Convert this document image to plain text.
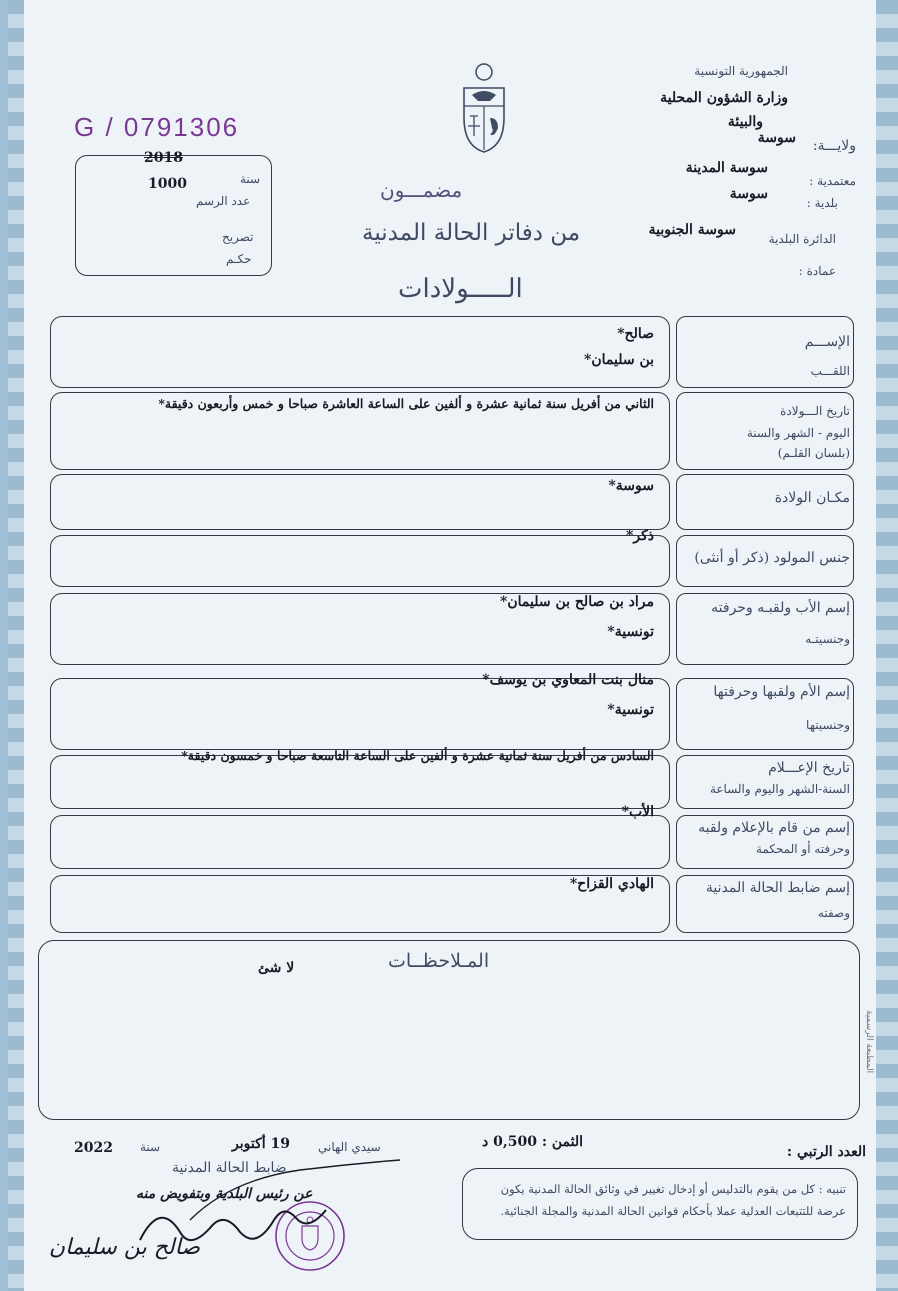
الجمهورية التونسية
وزارة الشؤون المحلية
والبيئة
ولايـــة:
سوسة
معتمدية :
سوسة المدينة
بلدية :
سوسة
الدائرة البلدية
سوسة الجنوبية
عمادة :
مضمـــون
من دفاتر الحالة المدنية
الـــــولادات
G / 0791306
سنة
2018
عدد الرسم
1000
تصريح
حكـم
الإســـم
اللقـــب
صالح*
بن سليمان*
تاريخ الـــولادة
اليوم - الشهر والسنة
(بلسان القلـم)
الثاني من أفريل سنة ثمانية عشرة و ألفين على الساعة العاشرة صباحا و خمس وأربعون دقيقة*
مكـان الولادة
سوسة*
جنس المولود (ذكر أو أنثى)
ذكر*
إسم الأب ولقبـه وحرفته
وجنسيتـه
مراد بن صالح بن سليمان*
تونسية*
إسم الأم ولقبها وحرفتها
وجنسيتها
منال بنت المعاوي بن يوسف*
تونسية*
تاريخ الإعـــلام
السنة-الشهر واليوم والساعة
السادس من أفريل سنة ثمانية عشرة و ألفين على الساعة التاسعة صباحا و خمسون دقيقة*
إسم من قام بالإعلام ولقبه
وحرفته أو المحكمة
الأب*
إسم ضابط الحالة المدنية
وصفته
الهادي القزاح*
المـلاحظــات
لا شئ
المطبعة الرسمية
العدد الرتبي :
الثمن : 0,500 د
سيدي الهاني
19 أكتوبر
سنة
2022
ضابط الحالة المدنية
عن رئيس البلدية وبتفويض منه	تنبيه : كل من يقوم بالتدليس أو إدخال تغيير في وثائق الحالة المدنية يكون عرضة للتتبعات العدلية عملا بأحكام قوانين الحالة المدنية والمجلة الجنائية.
صالح بن سليمان
